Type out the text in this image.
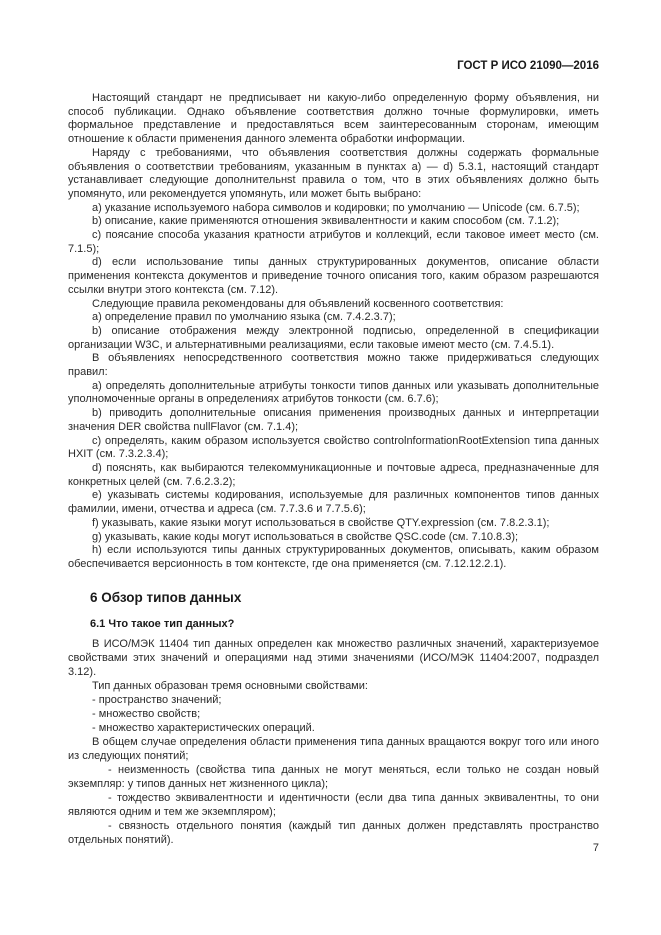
ГОСТ Р ИСО 21090—2016

Настоящий стандарт не предписывает ни какую-либо определенную форму объявления, ни способ публикации. Однако объявление соответствия должно точные формулировки, иметь формальное представление и предоставляться всем заинтересованным сторонам, имеющим отношение к области применения данного элемента обработки информации.

Наряду с требованиями, что объявления соответствия должны содержать формальные объявления о соответствии требованиям, указанным в пунктах а) — d) 5.3.1, настоящий стандарт устанавливает следующие дополнительнst правила о том, что в этих объявлениях должно быть упомянуто, или рекомендуется упомянуть, или может быть выбрано:

а) указание используемого набора символов и кодировки; по умолчанию — Unicode (см. 6.7.5);

b) описание, какие применяются отношения эквивалентности и каким способом (см. 7.1.2);

с) поясание способа указания кратности атрибутов и коллекций, если таковое имеет место (см. 7.1.5);

d) если использование типы данных структурированных документов, описание области применения контекста документов и приведение точного описания того, каким образом разрешаются ссылки внутри этого контекста (см. 7.12).

Следующие правила рекомендованы для объявлений косвенного соответствия:

а) определение правил по умолчанию языка (см. 7.4.2.3.7);

b) описание отображения между электронной подписью, определенной в спецификации организации W3C, и альтернативными реализациями, если таковые имеют место (см. 7.4.5.1).

В объявлениях непосредственного соответствия можно также придерживаться следующих правил:

а) определять дополнительные атрибуты тонкости типов данных или указывать дополнительные уполномоченные органы в определениях атрибутов тонкости (см. 6.7.6);

b) приводить дополнительные описания применения производных данных и интерпретации значения DER свойства nullFlavor (см. 7.1.4);

с) определять, каким образом используется свойство controlnformationRootExtension типа данных HXIT (см. 7.3.2.3.4);

d) пояснять, как выбираются телекоммуникационные и почтовые адреса, предназначенные для конкретных целей (см. 7.6.2.3.2);

е) указывать системы кодирования, используемые для различных компонентов типов данных фамилии, имени, отчества и адреса (см. 7.7.3.6 и 7.7.5.6);

f) указывать, какие языки могут использоваться в свойстве QTY.expression (см. 7.8.2.3.1);

g) указывать, какие коды могут использоваться в свойстве QSC.code (см. 7.10.8.3);

h) если используются типы данных структурированных документов, описывать, каким образом обеспечивается версионность в том контексте, где она применяется (см. 7.12.12.2.1).

6 Обзор типов данных
6.1 Что такое тип данных?

В ИСО/МЭК 11404 тип данных определен как множество различных значений, характеризуемое свойствами этих значений и операциями над этими значениями (ИСО/МЭК 11404:2007, подраздел 3.12).

Тип данных образован тремя основными свойствами:

- пространство значений;

- множество свойств;

- множество характеристических операций.

В общем случае определения области применения типа данных вращаются вокруг того или иного из следующих понятий;

- неизменность (свойства типа данных не могут меняться, если только не создан новый экземпляр: у типов данных нет жизненного цикла);

- тождество эквивалентности и идентичности (если два типа данных эквивалентны, то они являются одним и тем же экземпляром);

- связность отдельного понятия (каждый тип данных должен представлять пространство отдельных понятий).

7
